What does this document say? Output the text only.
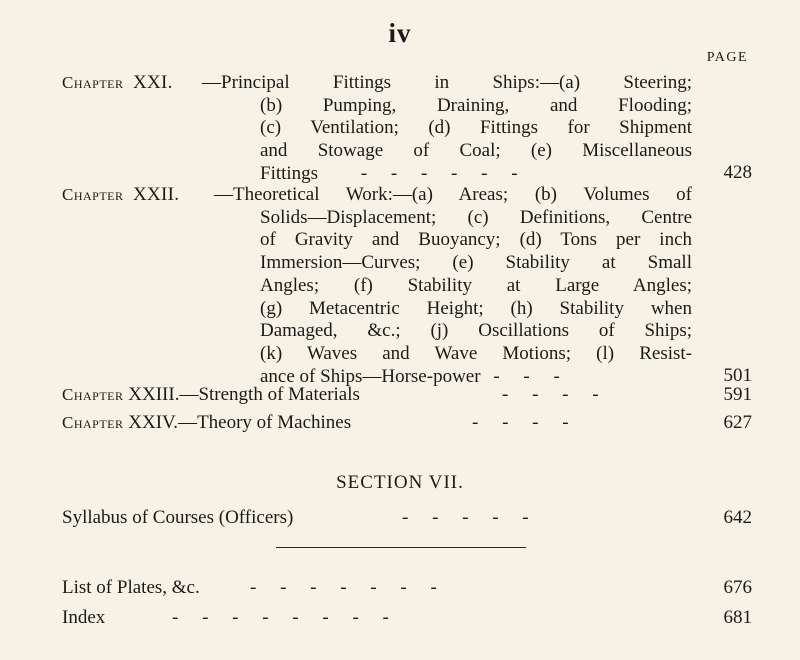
iv
PAGE
Chapter XXI. —Principal Fittings in Ships:—(a) Steering;
(b) Pumping, Draining, and Flooding;
(c) Ventilation; (d) Fittings for Shipment
and Stowage of Coal; (e) Miscellaneous
Fittings -     -     -     -     -     -	428
Chapter XXII. —Theoretical Work:—(a) Areas; (b) Volumes of
Solids—Displacement; (c) Definitions, Centre
of Gravity and Buoyancy; (d) Tons per inch
Immersion—Curves; (e) Stability at Small
Angles; (f) Stability at Large Angles;
(g) Metacentric Height; (h) Stability when
Damaged, &c.; (j) Oscillations of Ships;
(k) Waves and Wave Motions; (l) Resist-
ance of Ships—Horse-power -     -     -	501
Chapter XXIII.—Strength of Materials	-     -     -     -	591
Chapter XXIV.—Theory of Machines	-     -     -     -	627
SECTION VII.
Syllabus of Courses (Officers)	-     -     -     -     -	642
List of Plates, &c.	-     -     -     -     -     -     -	676
Index	-     -     -     -     -     -     -     -	681
